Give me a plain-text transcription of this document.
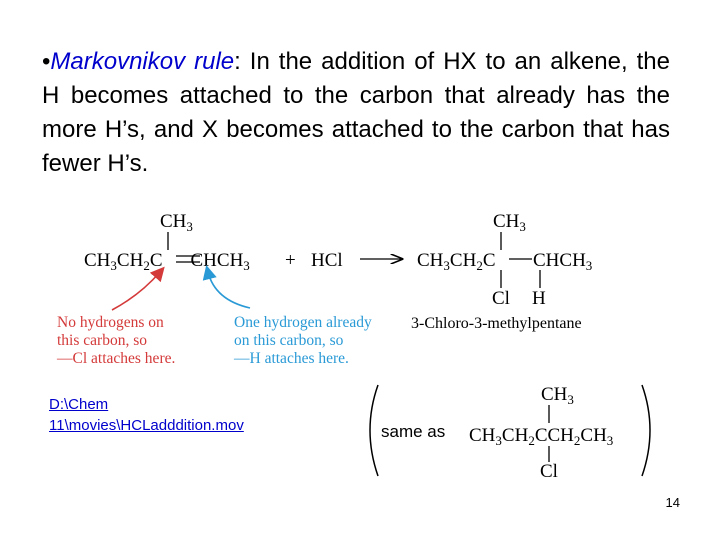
•Markovnikov rule: In the addition of HX to an alkene, the H becomes attached to the carbon that already has the more H’s, and X becomes attached to the carbon that has fewer H’s.
$CH_3$
$CH_3CH_2C$ $CHCH_3$ + HCl
$CH_3$
$CH_3CH_2C$ $CHCH_3$
Cl H
3-Chloro-3-methylpentane
No hydrogens on
this carbon, so
—Cl attaches here.
One hydrogen already
on this carbon, so
—H attaches here.
same as
$CH_3$
$CH_3CH_2CCH_2CH_3$
Cl
D:\Chem 11\movies\HCLadddition.mov
14
